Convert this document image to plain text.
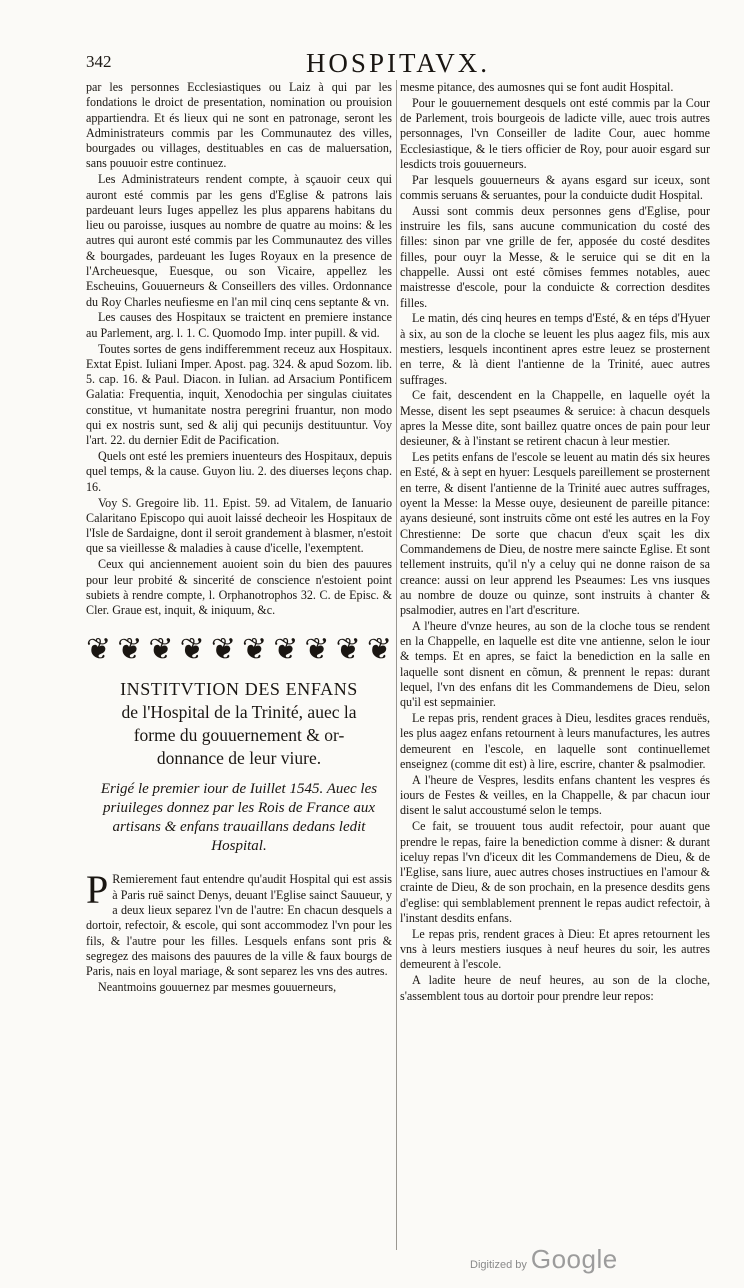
342	HOSPITAVX.

par les personnes Ecclesiastiques ou Laiz à qui par les fondations le droict de presentation, nomination ou prouision appartiendra. Et és lieux qui ne sont en patronage, seront les Administrateurs commis par les Communautez des villes, bourgades ou villages, destituables en cas de maluersation, sans pouuoir estre continuez.

Les Administrateurs rendent compte, à sçauoir ceux qui auront esté commis par les gens d'Eglise & patrons lais pardeuant leurs Iuges appellez les plus apparens habitans du lieu ou paroisse, iusques au nombre de quatre au moins: & les autres qui auront esté commis par les Communautez des villes & bourgades, pardeuant les Iuges Royaux en la presence de l'Archeuesque, Euesque, ou son Vicaire, appellez les Escheuins, Gouuerneurs & Conseillers des villes. Ordonnance du Roy Charles neufiesme en l'an mil cinq cens septante & vn.

Les causes des Hospitaux se traictent en premiere instance au Parlement, arg. l. 1. C. Quomodo Imp. inter pupill. & vid.

Toutes sortes de gens indifferemment receuz aux Hospitaux. Extat Epist. Iuliani Imper. Apost. pag. 324. & apud Sozom. lib. 5. cap. 16. & Paul. Diacon. in Iulian. ad Arsacium Pontificem Galatia: Frequentia, inquit, Xenodochia per singulas ciuitates constitue, vt humanitate nostra peregrini fruantur, non modo qui ex nostris sunt, sed & alij qui pecunijs destituuntur. Voy l'art. 22. du dernier Edit de Pacification.

Quels ont esté les premiers inuenteurs des Hospitaux, depuis quel temps, & la cause. Guyon liu. 2. des diuerses leçons chap. 16.

Voy S. Gregoire lib. 11. Epist. 59. ad Vitalem, de Ianuario Calaritano Episcopo qui auoit laissé decheoir les Hospitaux de l'Isle de Sardaigne, dont il seroit grandement à blasmer, n'estoit que sa vieillesse & maladies à cause d'icelle, l'exemptent.

Ceux qui anciennement auoient soin du bien des pauures pour leur probité & sincerité de conscience n'estoient point subiets à rendre compte, l. Orphanotrophos 32. C. de Episc. & Cler. Graue est, inquit, & iniquum, &c.

❦ ❦ ❦ ❦ ❦ ❦ ❦ ❦ ❦ ❦
INSTITVTION DES ENFANS
de l'Hospital de la Trinité, auec la
forme du gouuernement & or-
donnance de leur viure.
Erigé le premier iour de Iuillet 1545. Auec les priuileges donnez par les Rois de France aux artisans & enfans trauaillans dedans ledit Hospital.

P Remierement faut entendre qu'audit Hospital qui est assis à Paris ruë sainct Denys, deuant l'Eglise sainct Sauueur, y a deux lieux separez l'vn de l'autre: En chacun desquels a dortoir, refectoir, & escole, qui sont accommodez l'vn pour les fils, & l'autre pour les filles. Lesquels enfans sont pris & segregez des maisons des pauures de la ville & faux bourgs de Paris, nais en loyal mariage, & sont separez les vns des autres.

Neantmoins gouuernez par mesmes gouuerneurs,

mesme pitance, des aumosnes qui se font audit Hospital.

Pour le gouuernement desquels ont esté commis par la Cour de Parlement, trois bourgeois de ladicte ville, auec trois autres personnages, l'vn Conseiller de ladite Cour, auec homme Ecclesiastique, & le tiers officier de Roy, pour auoir esgard sur lesdicts trois gouuerneurs.

Par lesquels gouuerneurs & ayans esgard sur iceux, sont commis seruans & seruantes, pour la conduicte dudit Hospital.

Aussi sont commis deux personnes gens d'Eglise, pour instruire les fils, sans aucune communication du costé des filles: sinon par vne grille de fer, apposée du costé desdites filles, pour ouyr la Messe, & le seruice qui se dit en la chappelle. Aussi ont esté cõmises femmes notables, auec maistresse d'escole, pour la conduicte & correction desdites filles.

Le matin, dés cinq heures en temps d'Esté, & en téps d'Hyuer à six, au son de la cloche se leuent les plus aagez fils, mis aux mestiers, lesquels incontinent apres estre leuez se prosternent en terre, & là dient l'antienne de la Trinité, auec autres suffrages.

Ce fait, descendent en la Chappelle, en laquelle oyét la Messe, disent les sept pseaumes & seruice: à chacun desquels apres la Messe dite, sont baillez quatre onces de pain pour leur desieuner, & à l'instant se retirent chacun à leur mestier.

Les petits enfans de l'escole se leuent au matin dés six heures en Esté, & à sept en hyuer: Lesquels pareillement se prosternent en terre, & disent l'antienne de la Trinité auec autres suffrages, oyent la Messe: la Messe ouye, desieunent de pareille pitance: ayans desieuné, sont instruits cõme ont esté les autres en la Foy Chrestienne: De sorte que chacun d'eux sçait les dix Commandemens de Dieu, de nostre mere saincte Eglise. Et sont tellement instruits, qu'il n'y a celuy qui ne donne raison de sa creance: aussi on leur apprend les Pseaumes: Les vns iusques au nombre de douze ou quinze, sont instruits à chanter & psalmodier, autres en l'art d'escriture.

A l'heure d'vnze heures, au son de la cloche tous se rendent en la Chappelle, en laquelle est dite vne antienne, selon le iour & temps. Et en apres, se faict la benediction en la salle en laquelle sont disnent en cõmun, & prennent le repas: durant lequel, l'vn des enfans dit les Commandemens de Dieu, selon qu'il est sepmainier.

Le repas pris, rendent graces à Dieu, lesdites graces renduës, les plus aagez enfans retournent à leurs manufactures, les autres demeurent en l'escole, en laquelle sont continuellemet enseignez (comme dit est) à lire, escrire, chanter & psalmodier.

A l'heure de Vespres, lesdits enfans chantent les vespres és iours de Festes & veilles, en la Chappelle, & par chacun iour disent le salut accoustumé selon le temps.

Ce fait, se trouuent tous audit refectoir, pour auant que prendre le repas, faire la benediction comme à disner: & durant iceluy repas l'vn d'iceux dit les Commandemens de Dieu, & de l'Eglise, sans liure, auec autres choses instructiues en l'amour & crainte de Dieu, & de son prochain, en la presence desdits gens d'eglise: qui semblablement prennent le repas audict refectoir, à l'instant desdits enfans.

Le repas pris, rendent graces à Dieu: Et apres retournent les vns à leurs mestiers iusques à neuf heures du soir, les autres demeurent à l'escole.

A ladite heure de neuf heures, au son de la cloche, s'assemblent tous au dortoir pour prendre leur repos:

Digitized by Google
